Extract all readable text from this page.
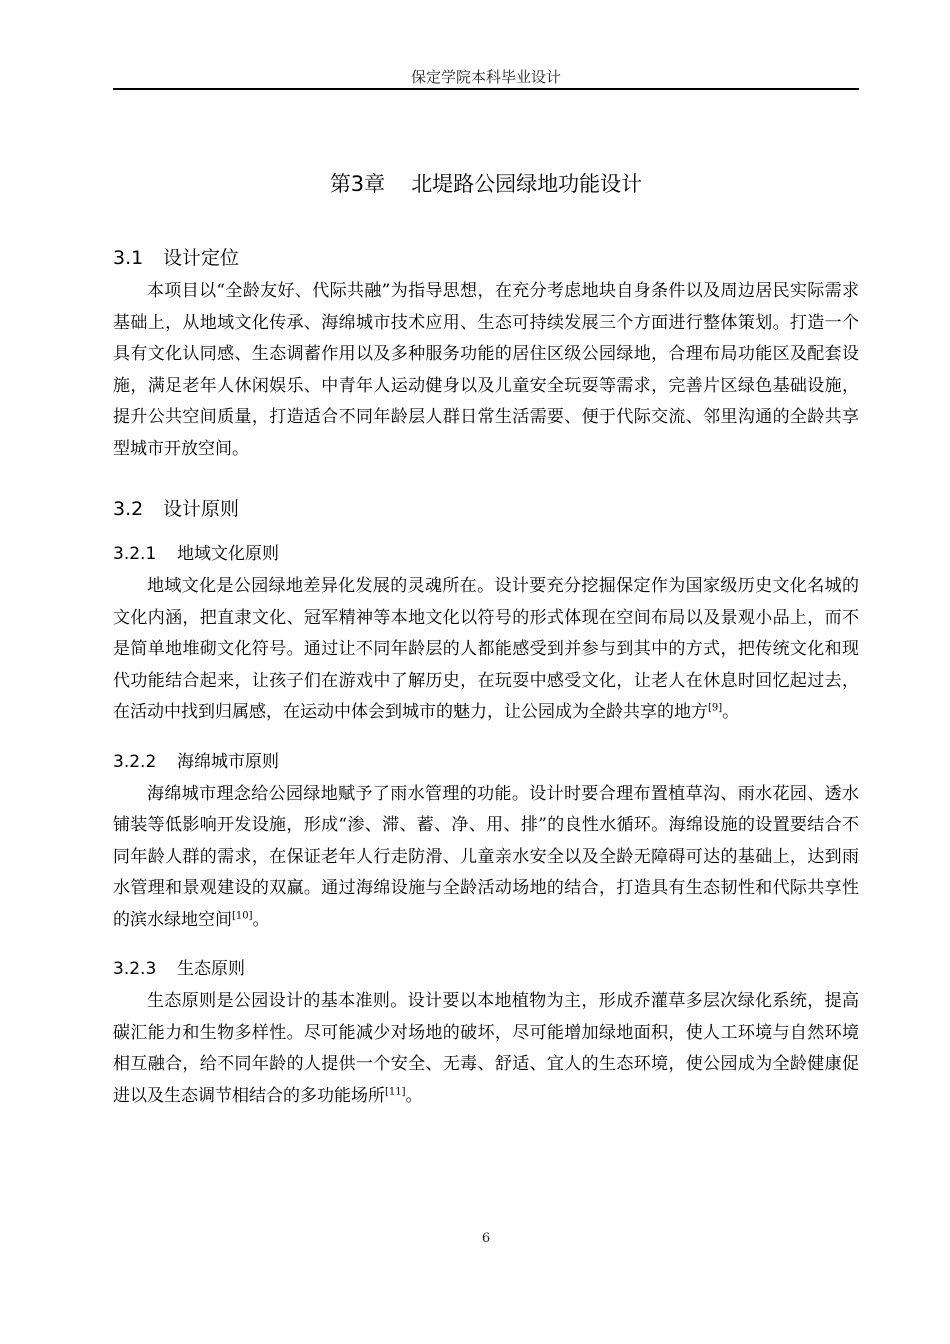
保定学院本科毕业设计
第3章 北堤路公园绿地功能设计
3.1	设计定位

本项目以“全龄友好、代际共融”为指导思想，在充分考虑地块自身条件以及周边居民实际需求基础上，从地域文化传承、海绵城市技术应用、生态可持续发展三个方面进行整体策划。打造一个具有文化认同感、生态调蓄作用以及多种服务功能的居住区级公园绿地，合理布局功能区及配套设施，满足老年人休闲娱乐、中青年人运动健身以及儿童安全玩耍等需求，完善片区绿色基础设施，提升公共空间质量，打造适合不同年龄层人群日常生活需要、便于代际交流、邻里沟通的全龄共享型城市开放空间。

3.2	设计原则
3.2.1	地域文化原则

地域文化是公园绿地差异化发展的灵魂所在。设计要充分挖掘保定作为国家级历史文化名城的文化内涵，把直隶文化、冠军精神等本地文化以符号的形式体现在空间布局以及景观小品上，而不是简单地堆砌文化符号。通过让不同年龄层的人都能感受到并参与到其中的方式，把传统文化和现代功能结合起来，让孩子们在游戏中了解历史，在玩耍中感受文化，让老人在休息时回忆起过去，在活动中找到归属感，在运动中体会到城市的魅力，让公园成为全龄共享的地方[9]。

3.2.2	海绵城市原则

海绵城市理念给公园绿地赋予了雨水管理的功能。设计时要合理布置植草沟、雨水花园、透水铺装等低影响开发设施，形成“渗、滞、蓄、净、用、排”的良性水循环。海绵设施的设置要结合不同年龄人群的需求，在保证老年人行走防滑、儿童亲水安全以及全龄无障碍可达的基础上，达到雨水管理和景观建设的双赢。通过海绵设施与全龄活动场地的结合，打造具有生态韧性和代际共享性的滨水绿地空间[10]。

3.2.3	生态原则

生态原则是公园设计的基本准则。设计要以本地植物为主，形成乔灌草多层次绿化系统，提高碳汇能力和生物多样性。尽可能减少对场地的破坏，尽可能增加绿地面积，使人工环境与自然环境相互融合，给不同年龄的人提供一个安全、无毒、舒适、宜人的生态环境，使公园成为全龄健康促进以及生态调节相结合的多功能场所[11]。

6
